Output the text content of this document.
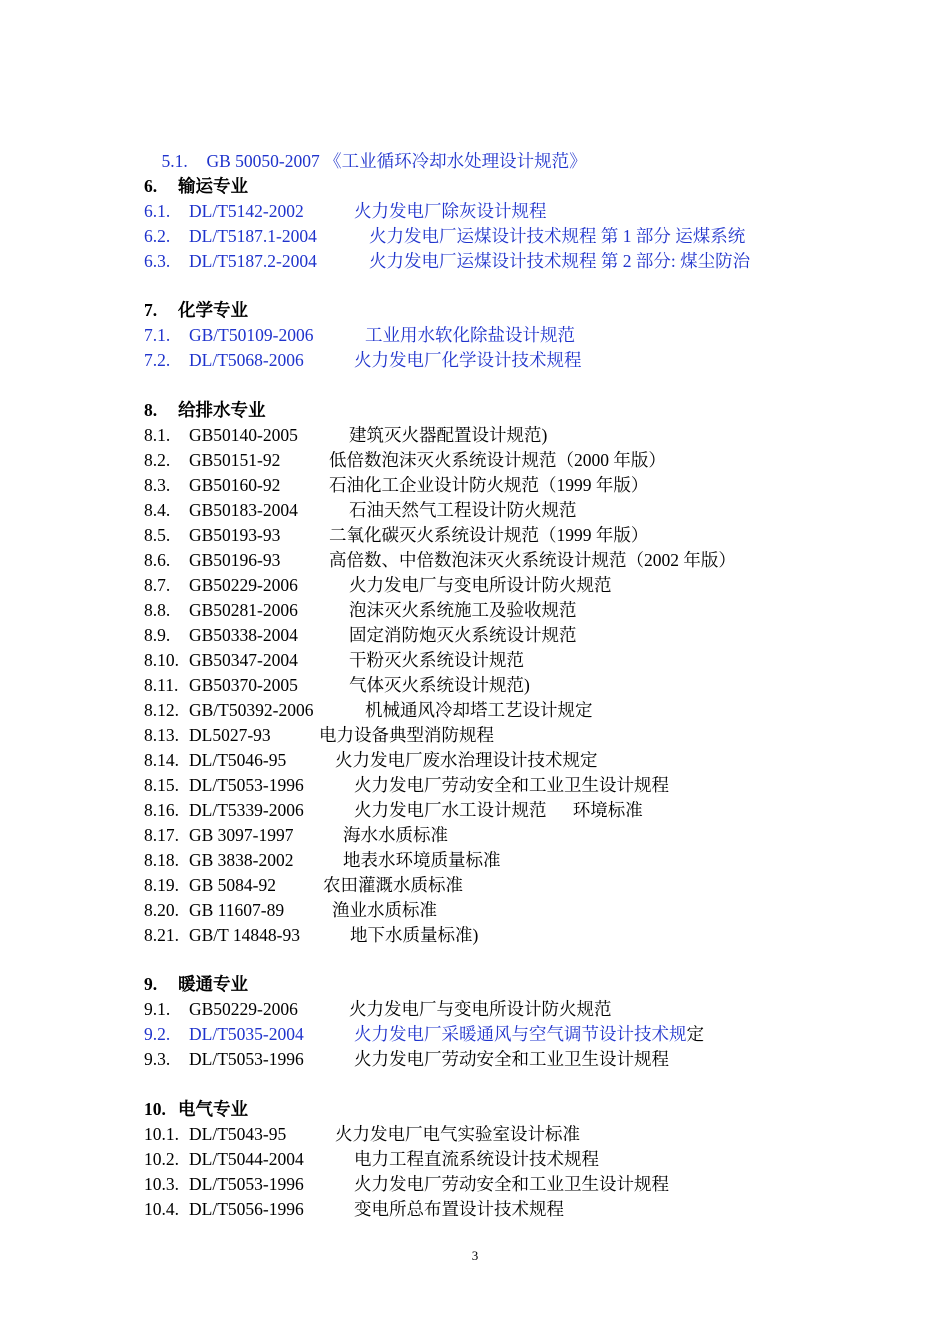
5.1. GB 50050-2007 《工业循环冷却水处理设计规范》

6. 输运专业
6.1. DL/T5142-2002	火力发电厂除灰设计规程
6.2. DL/T5187.1-2004	火力发电厂运煤设计技术规程 第 1 部分 运煤系统
6.3. DL/T5187.2-2004	火力发电厂运煤设计技术规程 第 2 部分: 煤尘防治
7. 化学专业
7.1. GB/T50109-2006	工业用水软化除盐设计规范
7.2. DL/T5068-2006	火力发电厂化学设计技术规程
8. 给排水专业
8.1. GB50140-2005	建筑灭火器配置设计规范)
8.2. GB50151-92	低倍数泡沫灭火系统设计规范（2000 年版）
8.3. GB50160-92	石油化工企业设计防火规范（1999 年版）
8.4. GB50183-2004	石油天然气工程设计防火规范
8.5. GB50193-93	二氧化碳灭火系统设计规范（1999 年版）
8.6. GB50196-93	高倍数、中倍数泡沫灭火系统设计规范（2002 年版）
8.7. GB50229-2006	火力发电厂与变电所设计防火规范
8.8. GB50281-2006	泡沫灭火系统施工及验收规范
8.9. GB50338-2004	固定消防炮灭火系统设计规范
8.10. GB50347-2004	干粉灭火系统设计规范
8.11. GB50370-2005	气体灭火系统设计规范)
8.12. GB/T50392-2006	机械通风冷却塔工艺设计规定
8.13. DL5027-93	电力设备典型消防规程
8.14. DL/T5046-95	火力发电厂废水治理设计技术规定
8.15. DL/T5053-1996	火力发电厂劳动安全和工业卫生设计规程
8.16. DL/T5339-2006	火力发电厂水工设计规范      环境标准
8.17. GB 3097-1997	海水水质标准
8.18. GB 3838-2002	地表水环境质量标准
8.19. GB 5084-92	农田灌溉水质标准
8.20. GB 11607-89	渔业水质标准
8.21. GB/T 14848-93	地下水质量标准)
9. 暖通专业
9.1. GB50229-2006	火力发电厂与变电所设计防火规范
9.2. DL/T5035-2004	火力发电厂采暖通风与空气调节设计技术规定
9.3. DL/T5053-1996	火力发电厂劳动安全和工业卫生设计规程
10. 电气专业
10.1. DL/T5043-95	火力发电厂电气实验室设计标准
10.2. DL/T5044-2004	电力工程直流系统设计技术规程
10.3. DL/T5053-1996	火力发电厂劳动安全和工业卫生设计规程
10.4. DL/T5056-1996	变电所总布置设计技术规程
3
